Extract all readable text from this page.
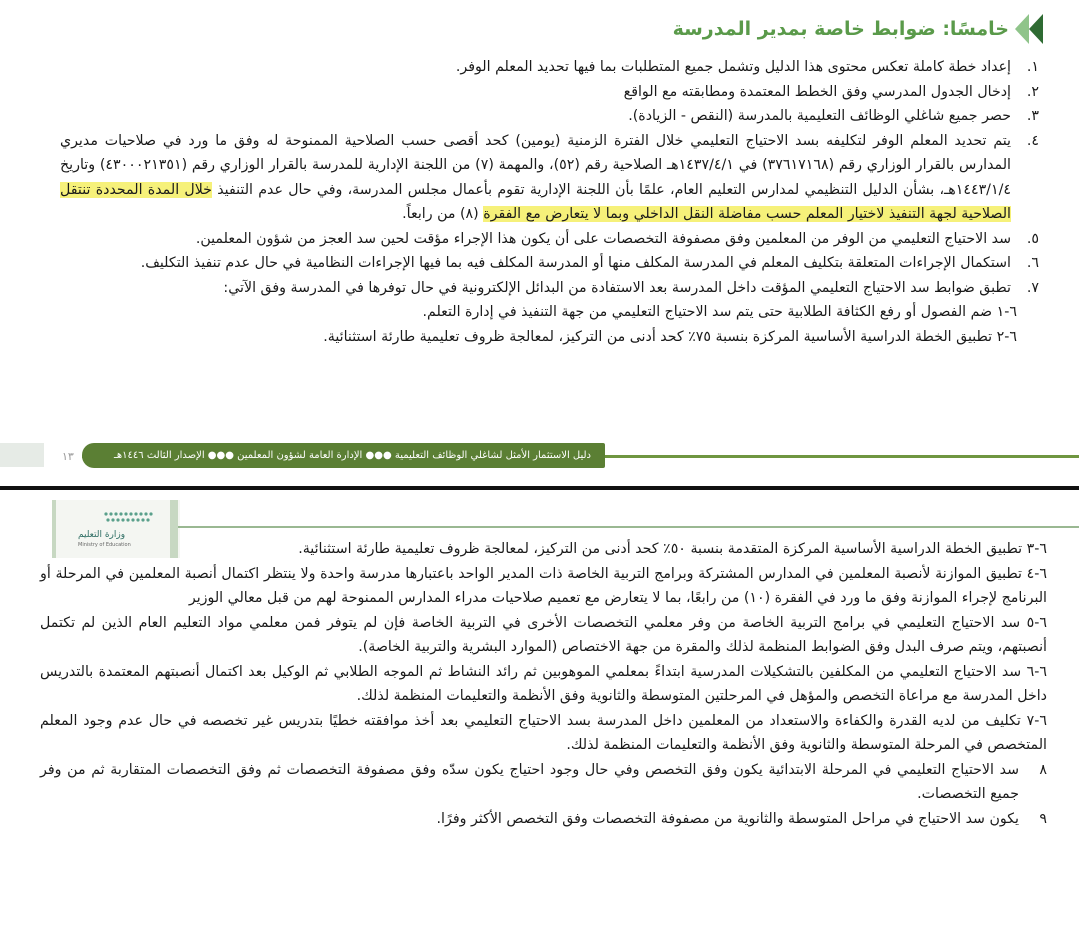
خامسًا: ضوابط خاصة بمدير المدرسة
١.
إعداد خطة كاملة تعكس محتوى هذا الدليل وتشمل جميع المتطلبات بما فيها تحديد المعلم الوفر.
٢.
إدخال الجدول المدرسي وفق الخطط المعتمدة ومطابقته مع الواقع
٣.
حصر جميع شاغلي الوظائف التعليمية بالمدرسة (النقص - الزيادة).
٤.
يتم تحديد المعلم الوفر لتكليفه بسد الاحتياج التعليمي خلال الفترة الزمنية (يومين) كحد أقصى حسب الصلاحية الممنوحة له وفق ما ورد في صلاحيات مديري المدارس بالقرار الوزاري رقم (٣٧٦١٧١٦٨) في ١٤٣٧/٤/١هـ الصلاحية رقم (٥٢)، والمهمة (٧) من اللجنة الإدارية للمدرسة بالقرار الوزاري رقم (٤٣٠٠٠٢١٣٥١) وتاريخ ١٤٤٣/١/٤هـ، بشأن الدليل التنظيمي لمدارس التعليم العام، علمًا بأن اللجنة الإدارية تقوم بأعمال مجلس المدرسة، وفي حال عدم التنفيذ خلال المدة المحددة تنتقل الصلاحية لجهة التنفيذ لاختيار المعلم حسب مفاضلة النقل الداخلي وبما لا يتعارض مع الفقرة (٨) من رابعاً.
٥.
سد الاحتياج التعليمي من الوفر من المعلمين وفق مصفوفة التخصصات على أن يكون هذا الإجراء مؤقت لحين سد العجز من شؤون المعلمين.
٦.
استكمال الإجراءات المتعلقة بتكليف المعلم في المدرسة المكلف منها أو المدرسة المكلف فيه بما فيها الإجراءات النظامية في حال عدم تنفيذ التكليف.
٧.
تطبق ضوابط سد الاحتياج التعليمي المؤقت داخل المدرسة بعد الاستفادة من البدائل الإلكترونية في حال توفرها في المدرسة وفق الآتي:
٦-١ ضم الفصول أو رفع الكثافة الطلابية حتى يتم سد الاحتياج التعليمي من جهة التنفيذ في إدارة التعلم.
٦-٢ تطبيق الخطة الدراسية الأساسية المركزة بنسبة ٧٥٪ كحد أدنى من التركيز، لمعالجة ظروف تعليمية طارئة استثنائية.
١٣	دليل الاستثمار الأمثل لشاغلي الوظائف التعليمية ●●● الإدارة العامة لشؤون المعلمين ●●● الإصدار الثالث ١٤٤٦هـ
وزارة التعليم
Ministry of Education	٦-٣ تطبيق الخطة الدراسية الأساسية المركزة المتقدمة بنسبة ٥٠٪ كحد أدنى من التركيز، لمعالجة ظروف تعليمية طارئة استثنائية.
٦-٤ تطبيق الموازنة لأنصبة المعلمين في المدارس المشتركة وبرامج التربية الخاصة ذات المدير الواحد باعتبارها مدرسة واحدة ولا ينتظر اكتمال أنصبة المعلمين في المرحلة أو البرنامج لإجراء الموازنة وفق ما ورد في الفقرة (١٠) من رابعًا، بما لا يتعارض مع تعميم صلاحيات مدراء المدارس الممنوحة لهم من قبل معالي الوزير
٦-٥ سد الاحتياج التعليمي في برامج التربية الخاصة من وفر معلمي التخصصات الأخرى في التربية الخاصة فإن لم يتوفر فمن معلمي مواد التعليم العام الذين لم تكتمل أنصبتهم، ويتم صرف البدل وفق الضوابط المنظمة لذلك والمقرة من جهة الاختصاص (الموارد البشرية والتربية الخاصة).
٦-٦ سد الاحتياج التعليمي من المكلفين بالتشكيلات المدرسية ابتداءً بمعلمي الموهوبين ثم رائد النشاط ثم الموجه الطلابي ثم الوكيل بعد اكتمال أنصبتهم المعتمدة بالتدريس داخل المدرسة مع مراعاة التخصص والمؤهل في المرحلتين المتوسطة والثانوية وفق الأنظمة والتعليمات المنظمة لذلك.
٦-٧ تكليف من لديه القدرة والكفاءة والاستعداد من المعلمين داخل المدرسة بسد الاحتياج التعليمي بعد أخذ موافقته خطيًا بتدريس غير تخصصه في حال عدم وجود المعلم المتخصص في المرحلة المتوسطة والثانوية وفق الأنظمة والتعليمات المنظمة لذلك.
٨
سد الاحتياج التعليمي في المرحلة الابتدائية يكون وفق التخصص وفي حال وجود احتياج يكون سدّه وفق مصفوفة التخصصات ثم وفق التخصصات المتقاربة ثم من وفر جميع التخصصات.
٩
يكون سد الاحتياج في مراحل المتوسطة والثانوية من مصفوفة التخصصات وفق التخصص الأكثر وفرًا.
